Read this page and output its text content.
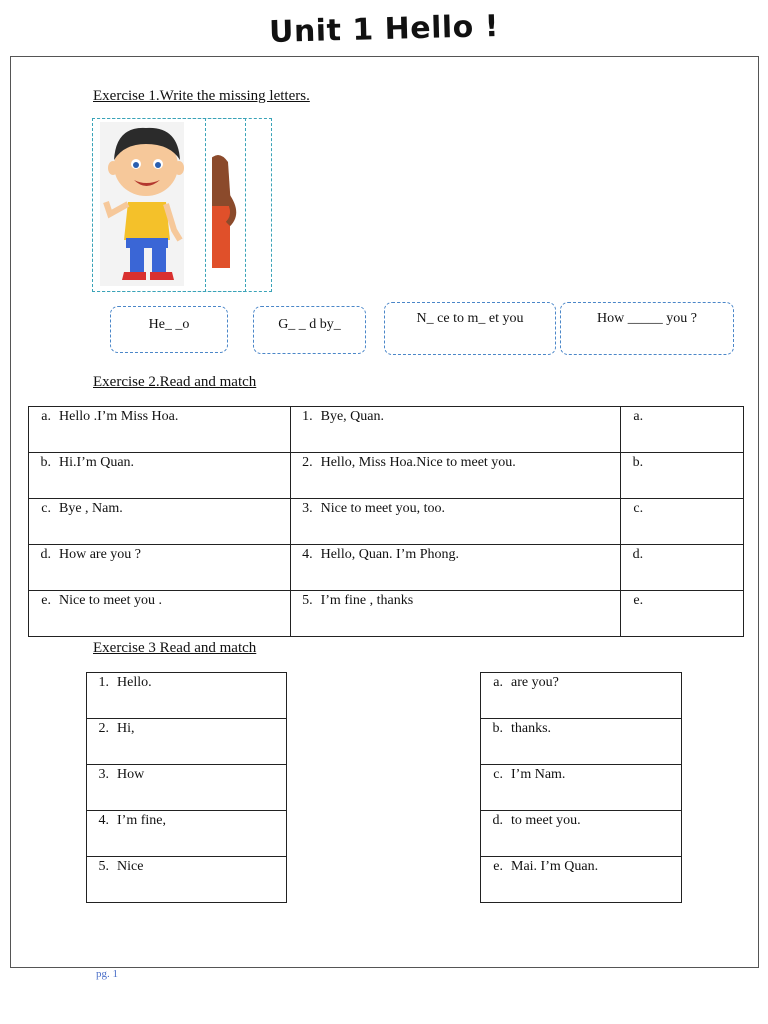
Unit 1 Hello !
Exercise 1.Write the missing letters.
He_ _o	G_ _ d by_	N_ ce to m_ et you	How _____ you ?
Exercise 2.Read and match
a. Hello .I’m Miss Hoa.	1. Bye, Quan.	a.

b. Hi.I’m Quan.	2. Hello, Miss Hoa.Nice to meet you.	b.

c. Bye , Nam.	3. Nice to meet you, too.	c.

d. How are you ?	4. Hello, Quan. I’m Phong.	d.

e. Nice to meet you .	5. I’m fine , thanks	e.
Exercise 3 Read and match
1. Hello.

2. Hi,

3. How

4. I’m fine,

5. Nice
a. are you?

b. thanks.

c. I’m Nam.

d. to meet you.

e. Mai. I’m Quan.
pg. 1
